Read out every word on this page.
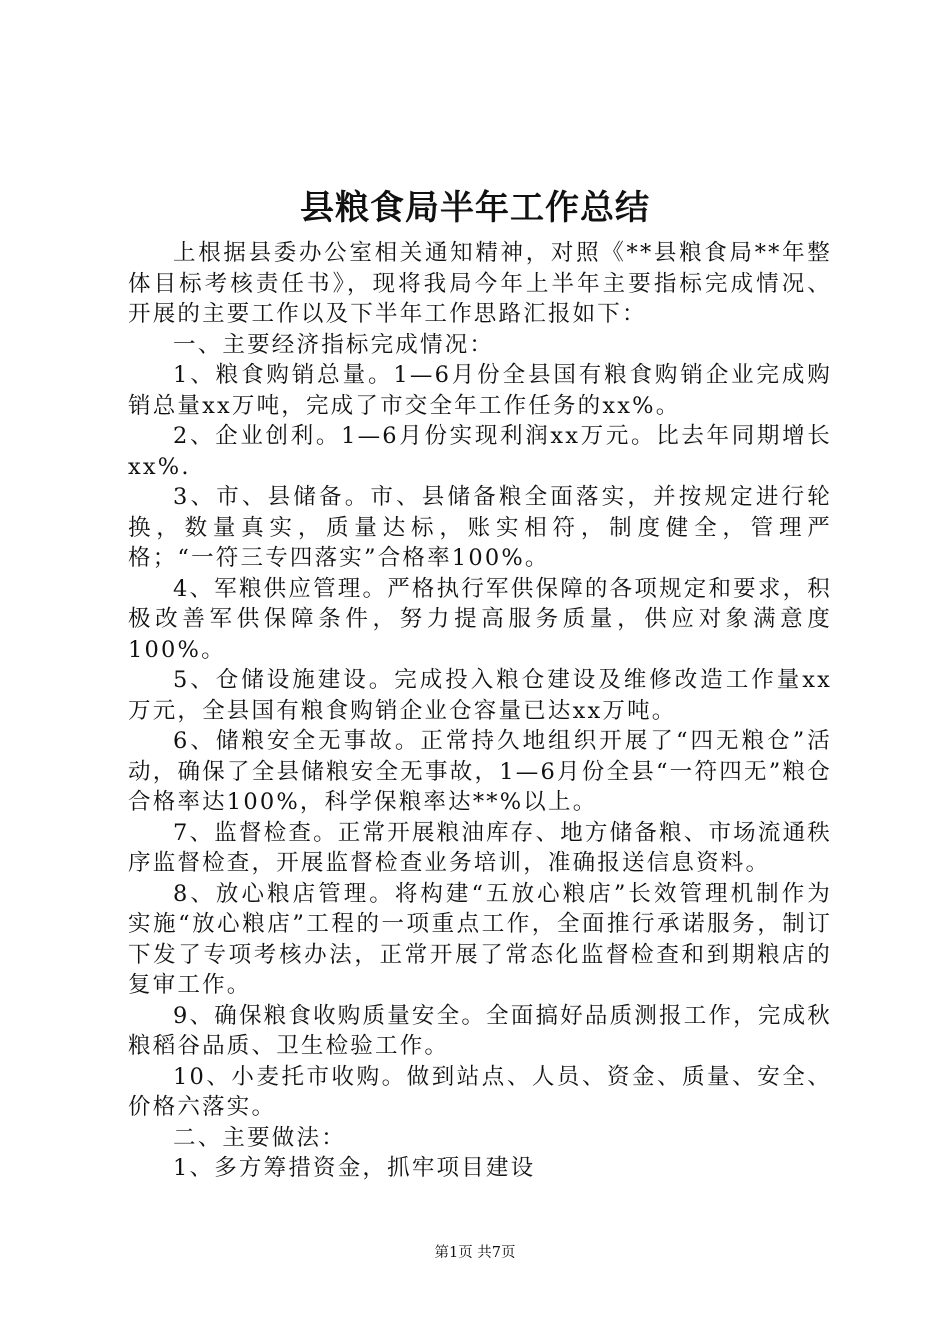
县粮食局半年工作总结

上根据县委办公室相关通知精神，对照《**县粮食局**年整体目标考核责任书》，现将我局今年上半年主要指标完成情况、开展的主要工作以及下半年工作思路汇报如下：

一、主要经济指标完成情况：

1、粮食购销总量。1—6月份全县国有粮食购销企业完成购销总量xx万吨，完成了市交全年工作任务的xx%。

2、企业创利。1—6月份实现利润xx万元。比去年同期增长xx%.

3、市、县储备。市、县储备粮全面落实，并按规定进行轮换，数量真实，质量达标，账实相符，制度健全，管理严格；“一符三专四落实”合格率100%。

4、军粮供应管理。严格执行军供保障的各项规定和要求，积极改善军供保障条件，努力提高服务质量，供应对象满意度100%。

5、仓储设施建设。完成投入粮仓建设及维修改造工作量xx万元，全县国有粮食购销企业仓容量已达xx万吨。

6、储粮安全无事故。正常持久地组织开展了“四无粮仓”活动，确保了全县储粮安全无事故，1—6月份全县“一符四无”粮仓合格率达100%，科学保粮率达**%以上。

7、监督检查。正常开展粮油库存、地方储备粮、市场流通秩序监督检查，开展监督检查业务培训，准确报送信息资料。

8、放心粮店管理。将构建“五放心粮店”长效管理机制作为实施“放心粮店”工程的一项重点工作，全面推行承诺服务，制订下发了专项考核办法，正常开展了常态化监督检查和到期粮店的复审工作。

9、确保粮食收购质量安全。全面搞好品质测报工作，完成秋粮稻谷品质、卫生检验工作。

10、小麦托市收购。做到站点、人员、资金、质量、安全、价格六落实。

二、主要做法：

1、多方筹措资金，抓牢项目建设

第1页 共7页
